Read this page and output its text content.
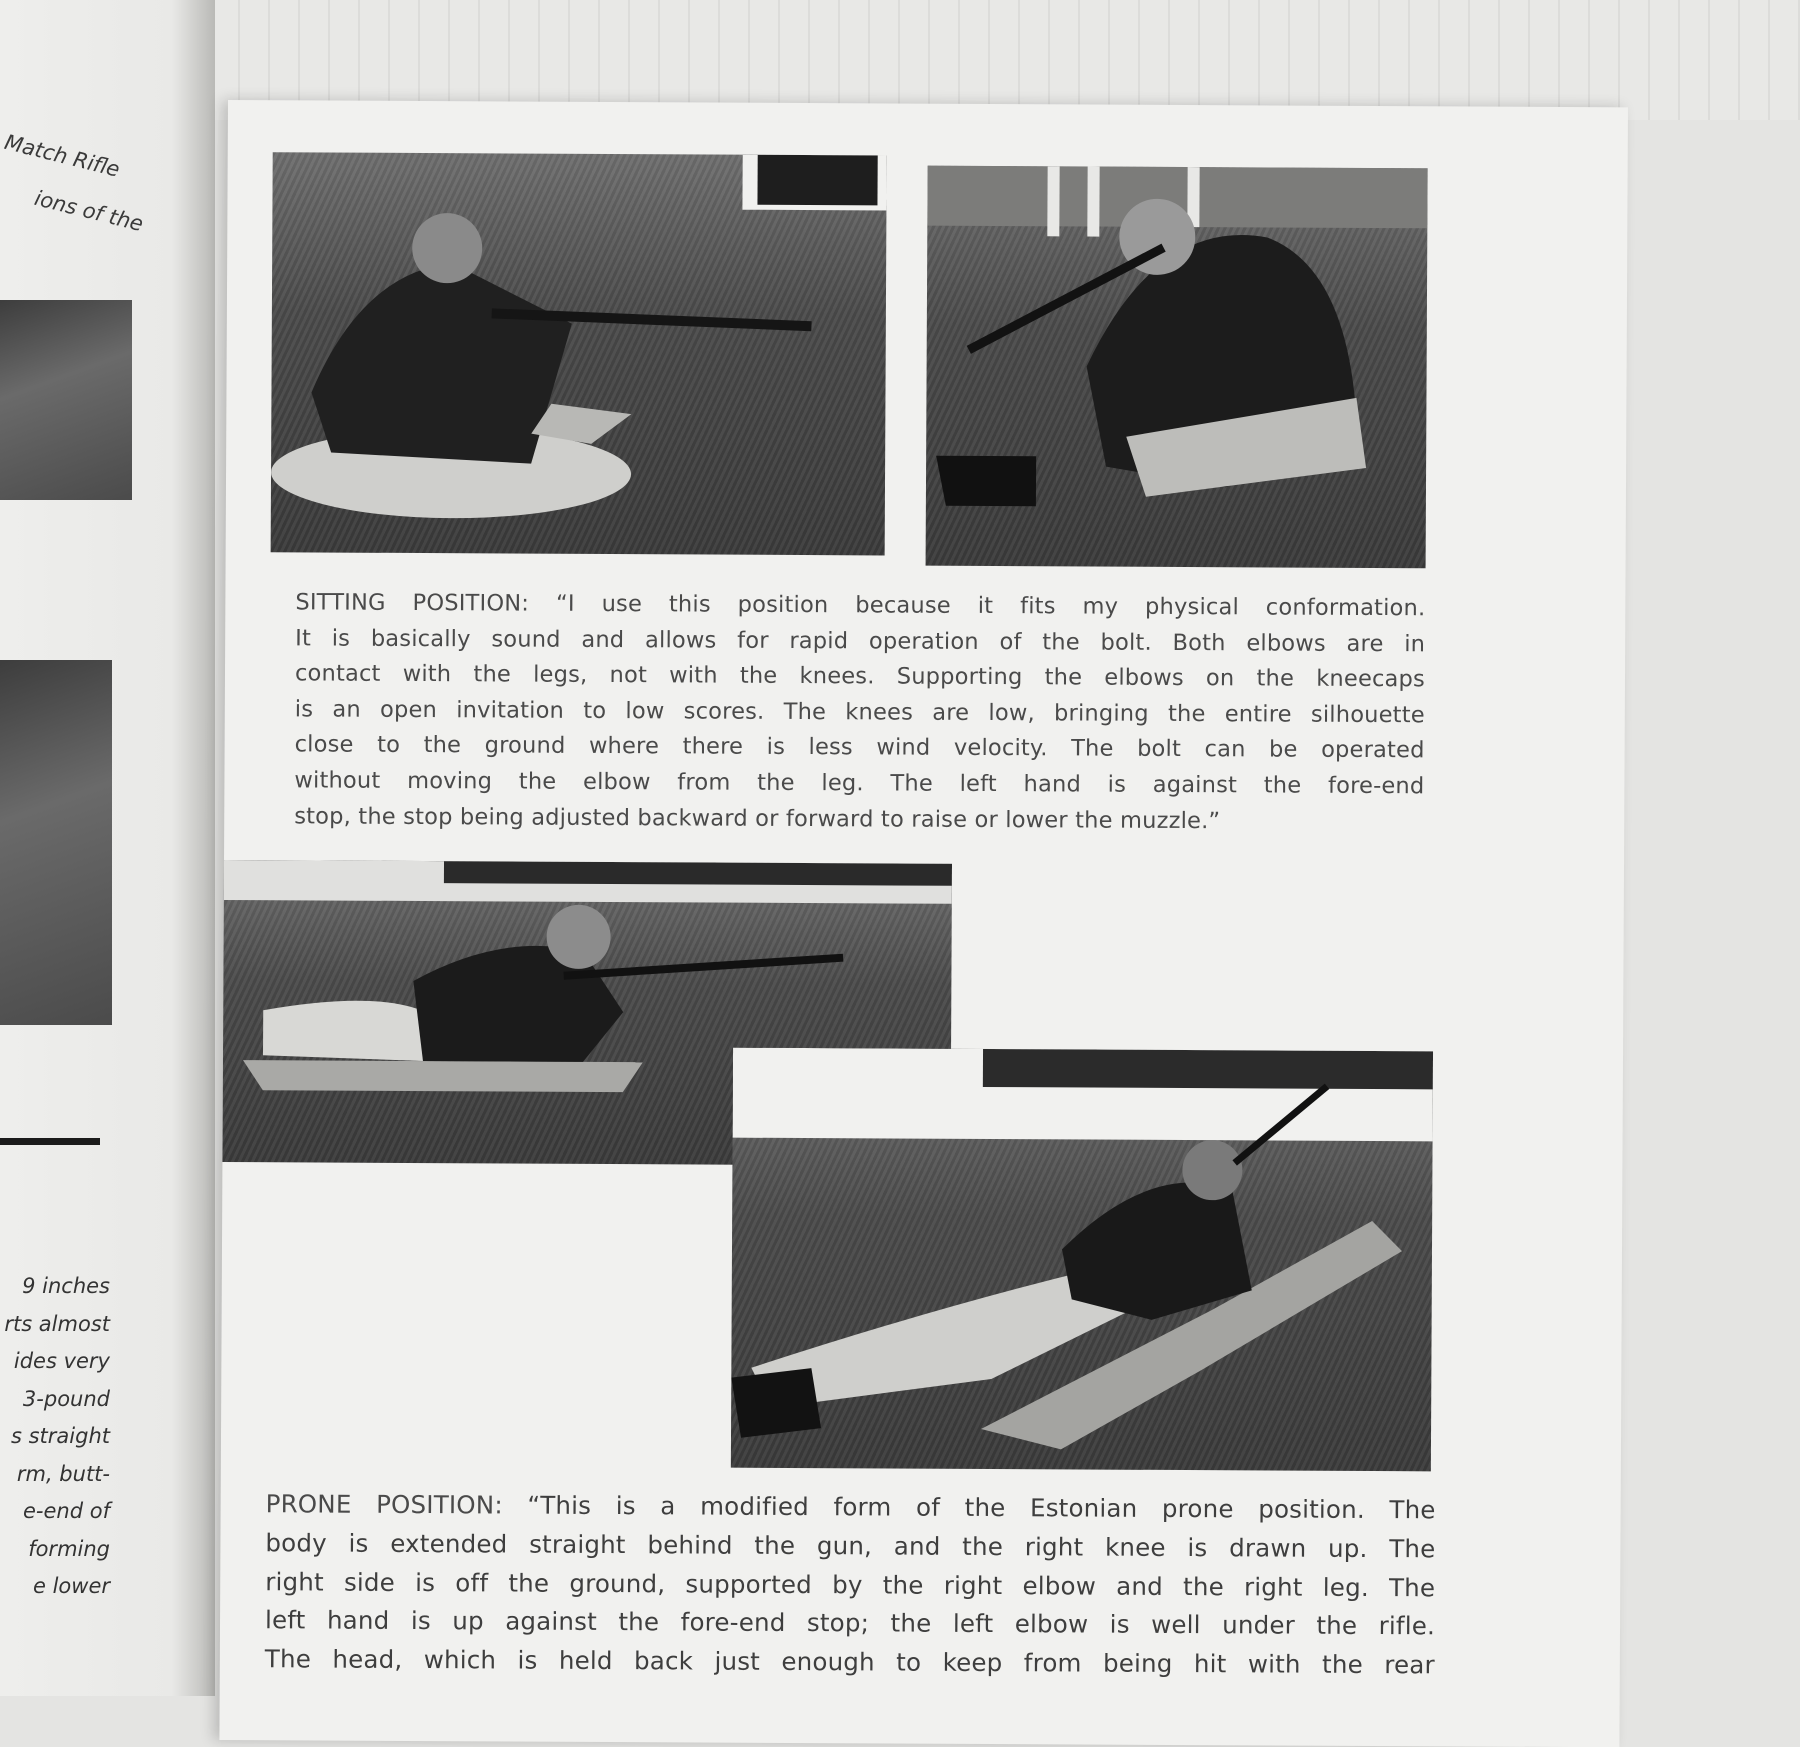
Match Rifle
ions of the
9 inches
rts almost
ides very
3-pound
s straight
rm, butt-
e-end of
forming
e lower
SITTING POSITION: “I use this position because it fits my physical conformation.
It is basically sound and allows for rapid operation of the bolt. Both elbows are in
contact with the legs, not with the knees. Supporting the elbows on the kneecaps
is an open invitation to low scores. The knees are low, bringing the entire silhouette
close to the ground where there is less wind velocity. The bolt can be operated
without moving the elbow from the leg. The left hand is against the fore-end
stop, the stop being adjusted backward or forward to raise or lower the muzzle.”
PRONE POSITION: “This is a modified form of the Estonian prone position. The
body is extended straight behind the gun, and the right knee is drawn up. The
right side is off the ground, supported by the right elbow and the right leg. The
left hand is up against the fore-end stop; the left elbow is well under the rifle.
The head, which is held back just enough to keep from being hit with the rear
